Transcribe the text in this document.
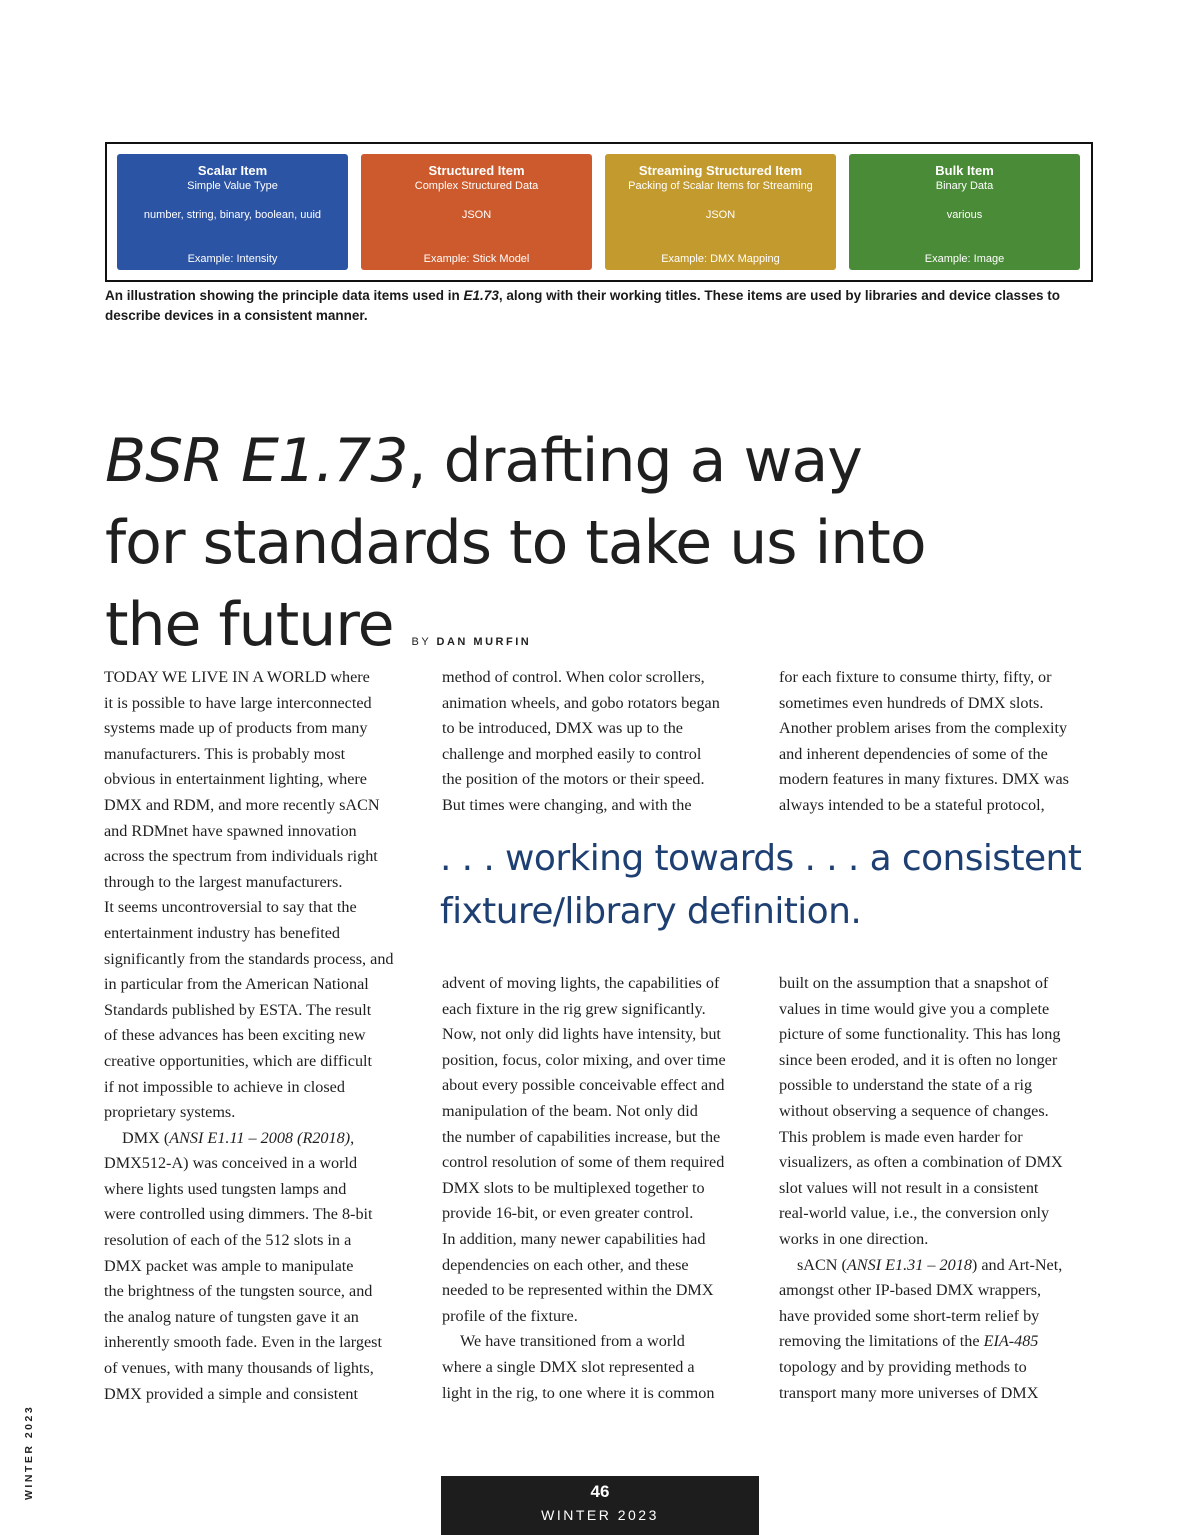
Scalar Item
Simple Value Type
number, string, binary, boolean, uuid
Example: Intensity
Structured Item
Complex Structured Data
JSON
Example: Stick Model
Streaming Structured Item
Packing of Scalar Items for Streaming
JSON
Example: DMX Mapping
Bulk Item
Binary Data
various
Example: Image
An illustration showing the principle data items used in E1.73, along with their working titles. These items are used by libraries and device classes to describe devices in a consistent manner.
BSR E1.73, drafting a way
for standards to take us into
the future BY DAN MURFIN
TODAY WE LIVE IN A WORLD where
it is possible to have large interconnected
systems made up of products from many
manufacturers. This is probably most
obvious in entertainment lighting, where
DMX and RDM, and more recently sACN
and RDMnet have spawned innovation
across the spectrum from individuals right
through to the largest manufacturers.
It seems uncontroversial to say that the
entertainment industry has benefited
significantly from the standards process, and
in particular from the American National
Standards published by ESTA. The result
of these advances has been exciting new
creative opportunities, which are difficult
if not impossible to achieve in closed
proprietary systems.
DMX (ANSI E1.11 – 2008 (R2018),
DMX512-A) was conceived in a world
where lights used tungsten lamps and
were controlled using dimmers. The 8-bit
resolution of each of the 512 slots in a
DMX packet was ample to manipulate
the brightness of the tungsten source, and
the analog nature of tungsten gave it an
inherently smooth fade. Even in the largest
of venues, with many thousands of lights,
DMX provided a simple and consistent
method of control. When color scrollers,
animation wheels, and gobo rotators began
to be introduced, DMX was up to the
challenge and morphed easily to control
the position of the motors or their speed.
But times were changing, and with the
for each fixture to consume thirty, fifty, or
sometimes even hundreds of DMX slots.
Another problem arises from the complexity
and inherent dependencies of some of the
modern features in many fixtures. DMX was
always intended to be a stateful protocol,
. . . working towards . . . a consistent
fixture/library definition.
advent of moving lights, the capabilities of
each fixture in the rig grew significantly.
Now, not only did lights have intensity, but
position, focus, color mixing, and over time
about every possible conceivable effect and
manipulation of the beam. Not only did
the number of capabilities increase, but the
control resolution of some of them required
DMX slots to be multiplexed together to
provide 16-bit, or even greater control.
In addition, many newer capabilities had
dependencies on each other, and these
needed to be represented within the DMX
profile of the fixture.
We have transitioned from a world
where a single DMX slot represented a
light in the rig, to one where it is common
built on the assumption that a snapshot of
values in time would give you a complete
picture of some functionality. This has long
since been eroded, and it is often no longer
possible to understand the state of a rig
without observing a sequence of changes.
This problem is made even harder for
visualizers, as often a combination of DMX
slot values will not result in a consistent
real-world value, i.e., the conversion only
works in one direction.
sACN (ANSI E1.31 – 2018) and Art-Net,
amongst other IP-based DMX wrappers,
have provided some short-term relief by
removing the limitations of the EIA-485
topology and by providing methods to
transport many more universes of DMX
WINTER 2023	46
WINTER 2023
